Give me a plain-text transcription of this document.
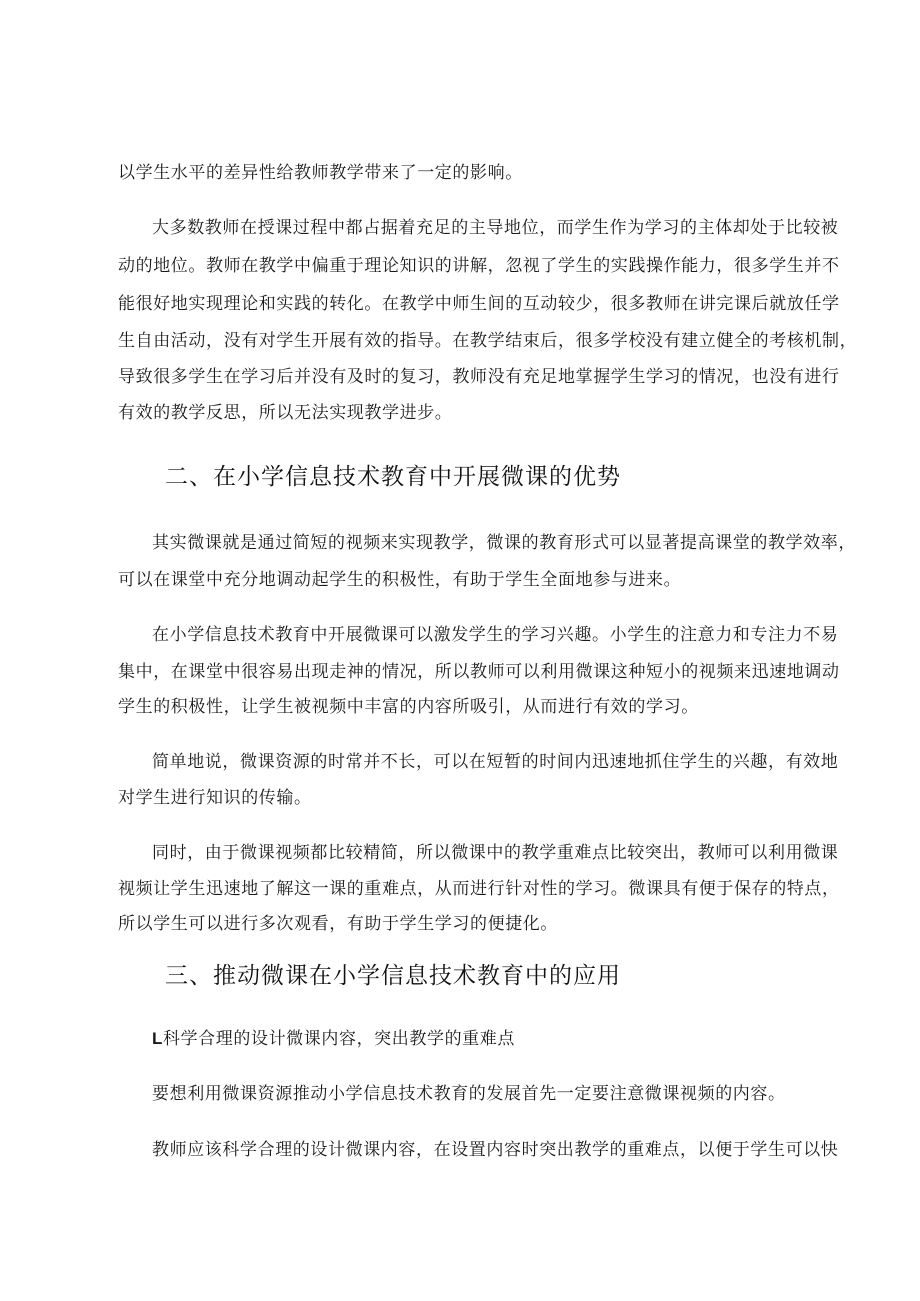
以学生水平的差异性给教师教学带来了一定的影响。
大多数教师在授课过程中都占据着充足的主导地位，而学生作为学习的主体却处于比较被
动的地位。教师在教学中偏重于理论知识的讲解，忽视了学生的实践操作能力，很多学生并不
能很好地实现理论和实践的转化。在教学中师生间的互动较少，很多教师在讲完课后就放任学
生自由活动，没有对学生开展有效的指导。在教学结束后，很多学校没有建立健全的考核机制，
导致很多学生在学习后并没有及时的复习，教师没有充足地掌握学生学习的情况，也没有进行
有效的教学反思，所以无法实现教学进步。
二、在小学信息技术教育中开展微课的优势
其实微课就是通过简短的视频来实现教学，微课的教育形式可以显著提高课堂的教学效率，
可以在课堂中充分地调动起学生的积极性，有助于学生全面地参与进来。
在小学信息技术教育中开展微课可以激发学生的学习兴趣。小学生的注意力和专注力不易
集中，在课堂中很容易出现走神的情况，所以教师可以利用微课这种短小的视频来迅速地调动
学生的积极性，让学生被视频中丰富的内容所吸引，从而进行有效的学习。
简单地说，微课资源的时常并不长，可以在短暂的时间内迅速地抓住学生的兴趣，有效地
对学生进行知识的传输。
同时，由于微课视频都比较精简，所以微课中的教学重难点比较突出，教师可以利用微课
视频让学生迅速地了解这一课的重难点，从而进行针对性的学习。微课具有便于保存的特点，
所以学生可以进行多次观看，有助于学生学习的便捷化。
三、推动微课在小学信息技术教育中的应用
L科学合理的设计微课内容，突出教学的重难点
要想利用微课资源推动小学信息技术教育的发展首先一定要注意微课视频的内容。
教师应该科学合理的设计微课内容，在设置内容时突出教学的重难点，以便于学生可以快
